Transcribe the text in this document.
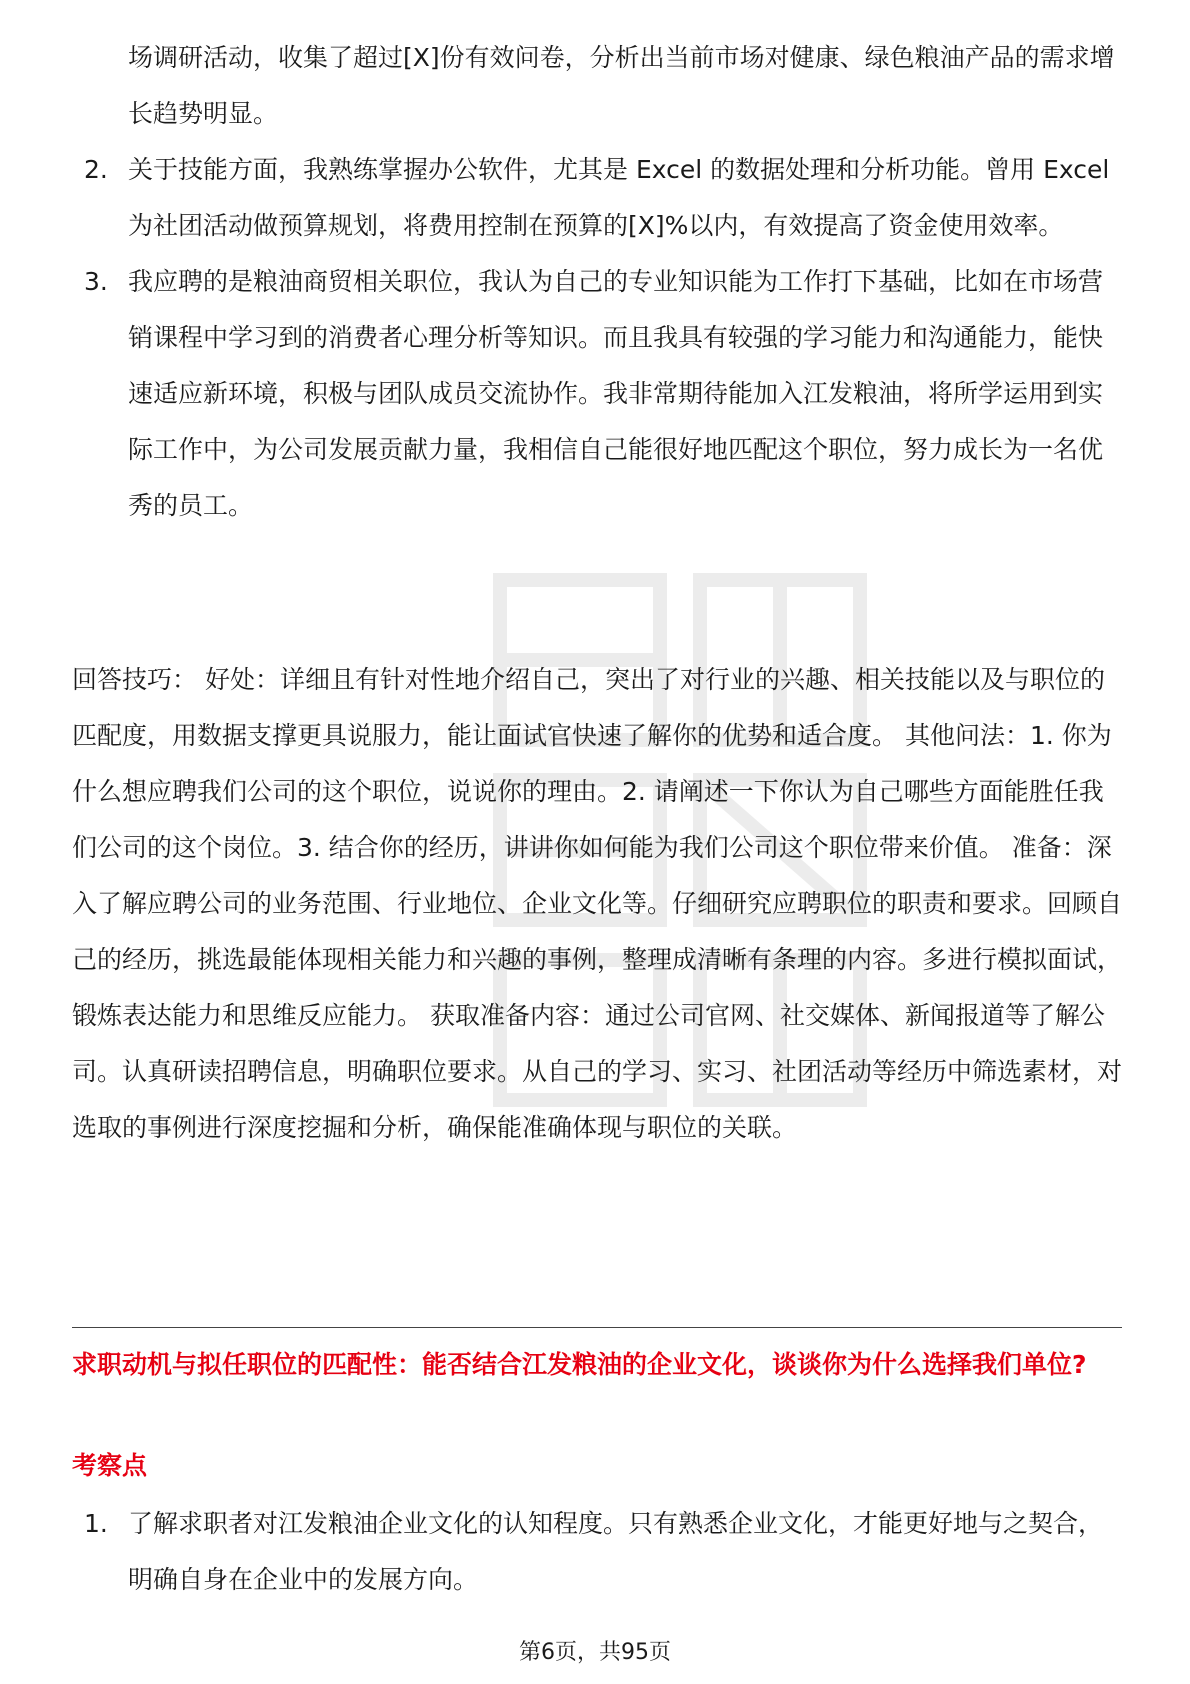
场调研活动，收集了超过[X]份有效问卷，分析出当前市场对健康、绿色粮油产品的需求增长趋势明显。
2. 关于技能方面，我熟练掌握办公软件，尤其是 Excel 的数据处理和分析功能。曾用 Excel 为社团活动做预算规划，将费用控制在预算的[X]%以内，有效提高了资金使用效率。
3. 我应聘的是粮油商贸相关职位，我认为自己的专业知识能为工作打下基础，比如在市场营销课程中学习到的消费者心理分析等知识。而且我具有较强的学习能力和沟通能力，能快速适应新环境，积极与团队成员交流协作。我非常期待能加入江发粮油，将所学运用到实际工作中，为公司发展贡献力量，我相信自己能很好地匹配这个职位，努力成长为一名优秀的员工。
回答技巧： 好处：详细且有针对性地介绍自己，突出了对行业的兴趣、相关技能以及与职位的匹配度，用数据支撑更具说服力，能让面试官快速了解你的优势和适合度。 其他问法：1. 你为什么想应聘我们公司的这个职位，说说你的理由。2. 请阐述一下你认为自己哪些方面能胜任我们公司的这个岗位。3. 结合你的经历，讲讲你如何能为我们公司这个职位带来价值。 准备：深入了解应聘公司的业务范围、行业地位、企业文化等。仔细研究应聘职位的职责和要求。回顾自己的经历，挑选最能体现相关能力和兴趣的事例，整理成清晰有条理的内容。多进行模拟面试，锻炼表达能力和思维反应能力。 获取准备内容：通过公司官网、社交媒体、新闻报道等了解公司。认真研读招聘信息，明确职位要求。从自己的学习、实习、社团活动等经历中筛选素材，对选取的事例进行深度挖掘和分析，确保能准确体现与职位的关联。
求职动机与拟任职位的匹配性：能否结合江发粮油的企业文化，谈谈你为什么选择我们单位?
考察点
1. 了解求职者对江发粮油企业文化的认知程度。只有熟悉企业文化，才能更好地与之契合，明确自身在企业中的发展方向。
第6页，共95页
